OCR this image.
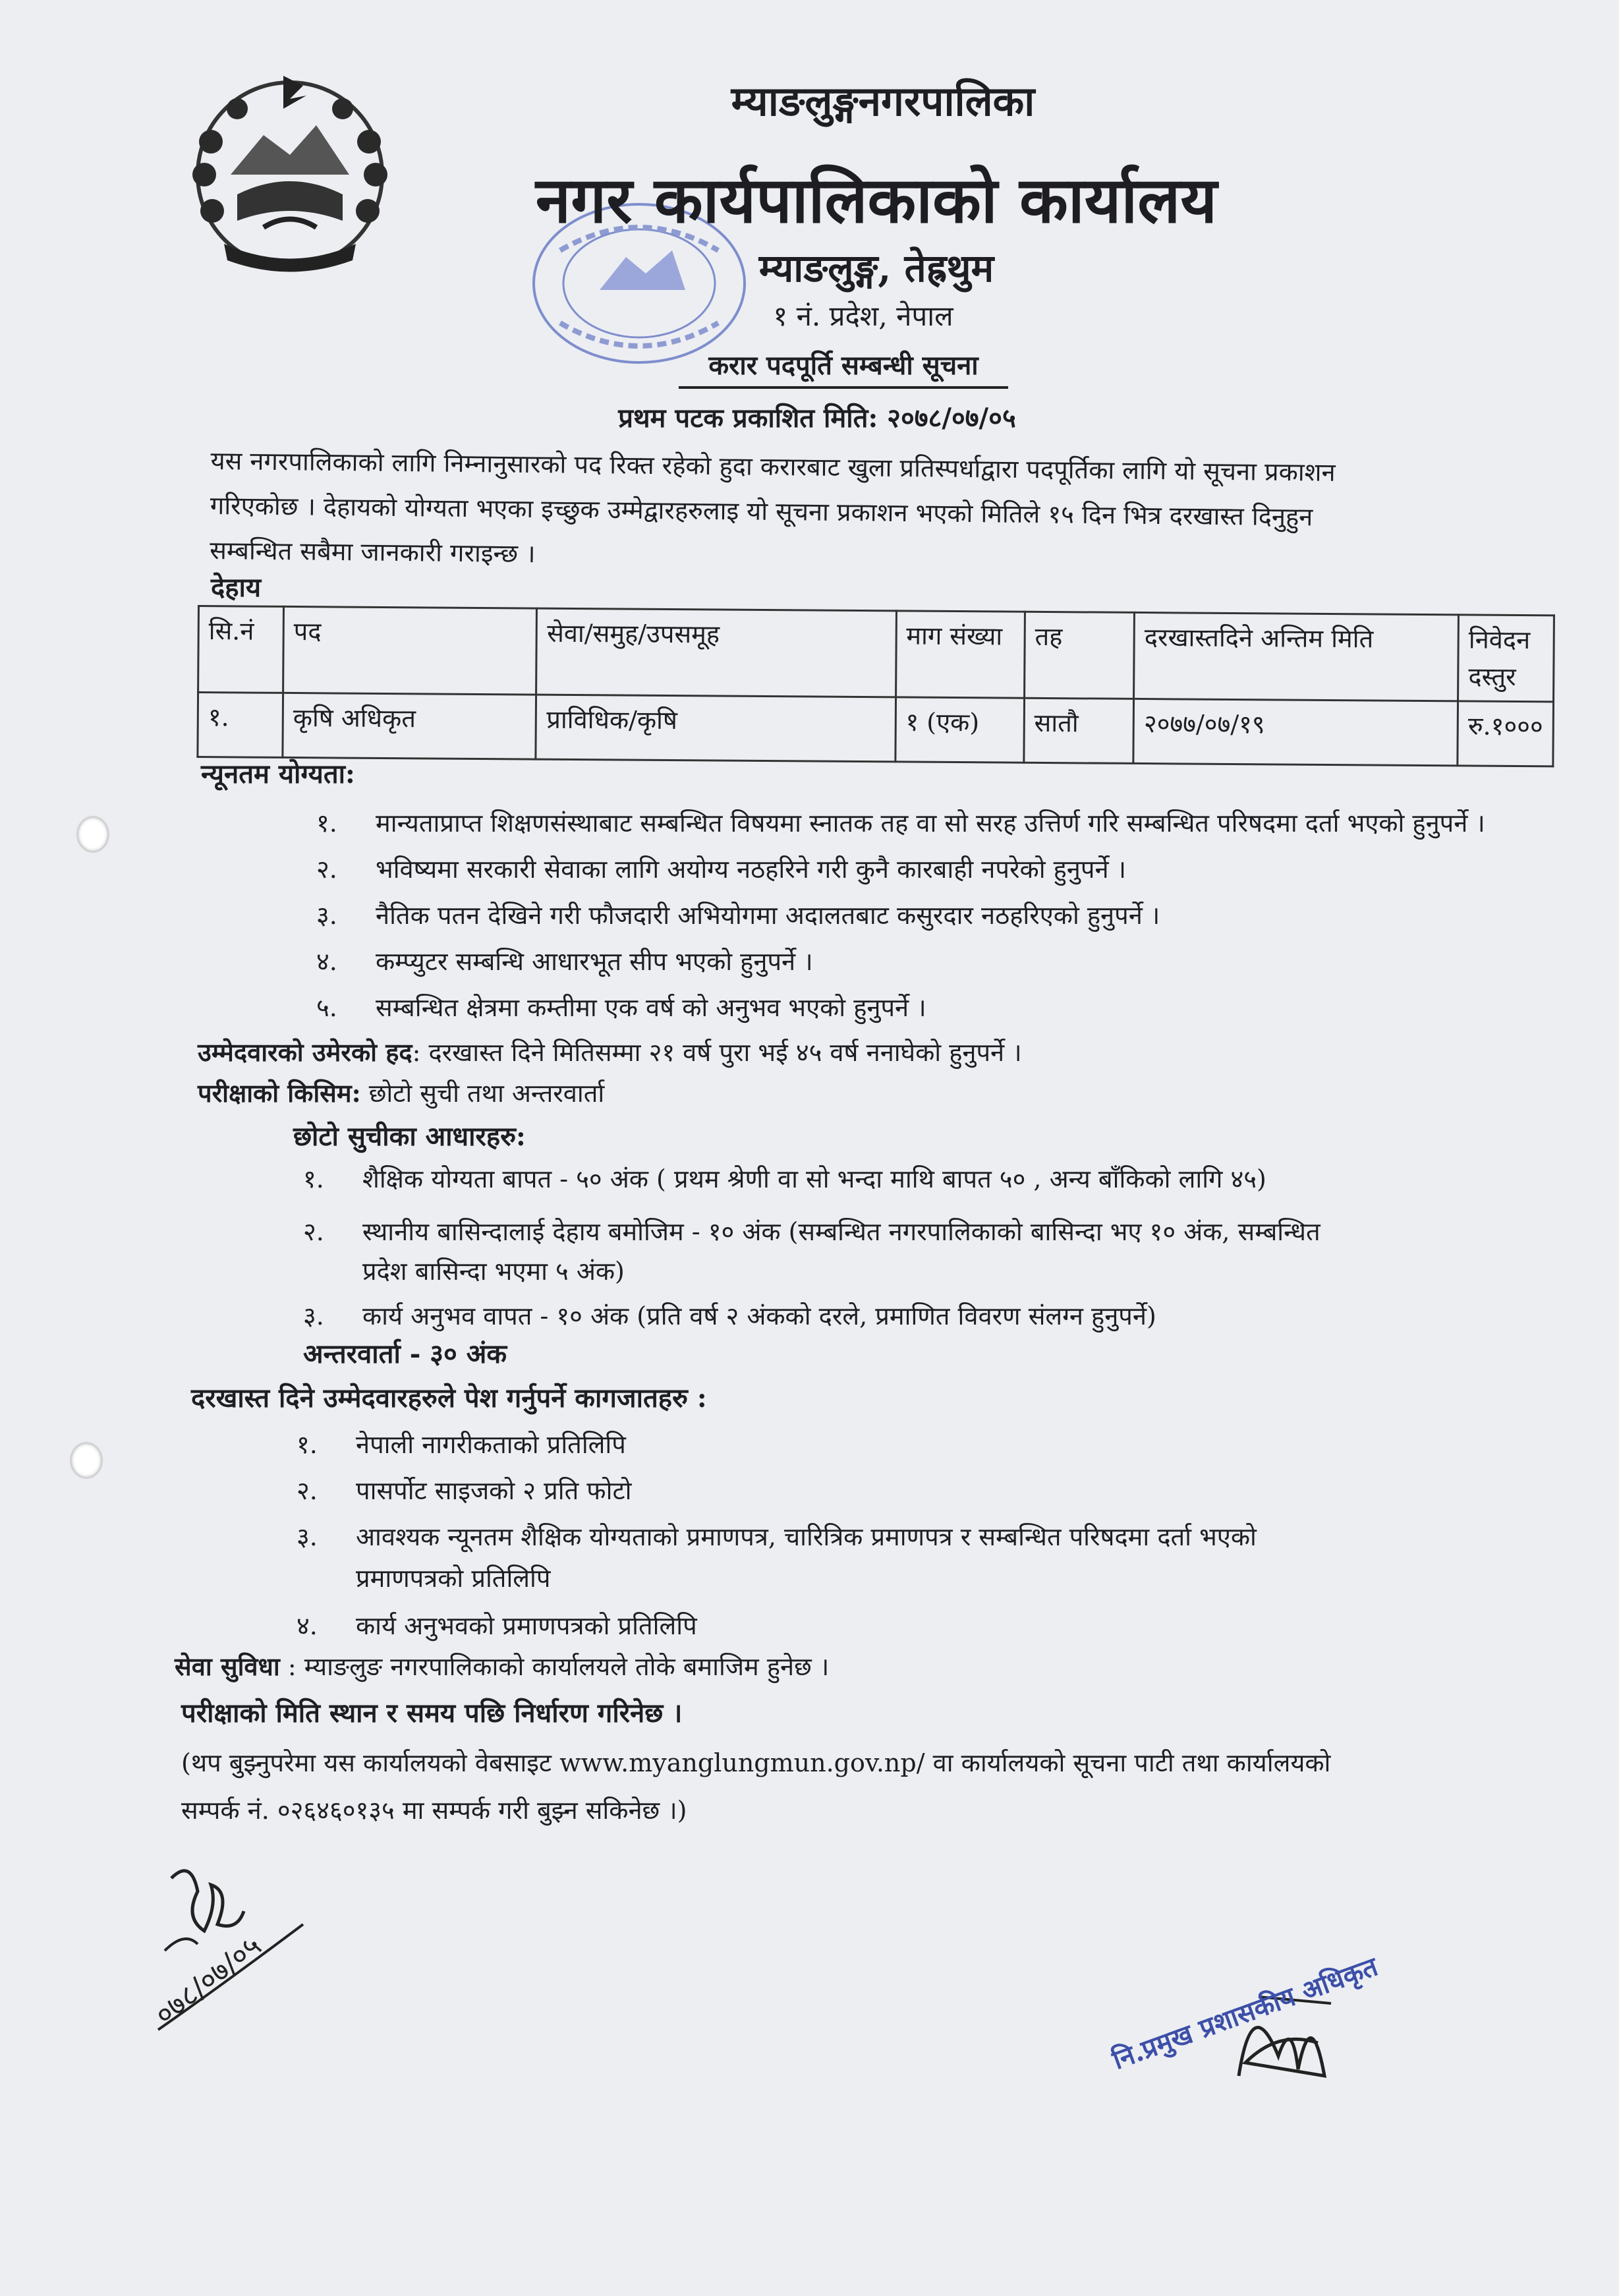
म्याङलुङ्गनगरपालिका
नगर कार्यपालिकाको कार्यालय
म्याङलुङ्ग, तेह्रथुम
१ नं. प्रदेश, नेपाल
करार पदपूर्ति सम्बन्धी सूचना
प्रथम पटक प्रकाशित मिति: २०७८/०७/०५
यस नगरपालिकाको लागि निम्नानुसारको पद रिक्त रहेको हुदा करारबाट खुला प्रतिस्पर्धाद्वारा पदपूर्तिका लागि यो सूचना प्रकाशन
गरिएकोछ । देहायको योग्यता भएका इच्छुक उम्मेद्वारहरुलाइ यो सूचना प्रकाशन भएको मितिले १५ दिन भित्र दरखास्त दिनुहुन
सम्बन्धित सबैमा जानकारी गराइन्छ ।
देहाय
सि.नं	पद	सेवा/समुह/उपसमूह	माग संख्या	तह	दरखास्तदिने अन्तिम मिति	निवेदन दस्तुर
१.	कृषि अधिकृत	प्राविधिक/कृषि	१ (एक)	सातौ	२०७७/०७/१९	रु.१०००
न्यूनतम योग्यता:
१. मान्यताप्राप्त शिक्षणसंस्थाबाट सम्बन्धित विषयमा स्नातक तह वा सो सरह उत्तिर्ण गरि सम्बन्धित परिषदमा दर्ता भएको हुनुपर्ने ।
२. भविष्यमा सरकारी सेवाका लागि अयोग्य नठहरिने गरी कुनै कारबाही नपरेको हुनुपर्ने ।
३. नैतिक पतन देखिने गरी फौजदारी अभियोगमा अदालतबाट कसुरदार नठहरिएको हुनुपर्ने ।
४. कम्प्युटर सम्बन्धि आधारभूत सीप भएको हुनुपर्ने ।
५. सम्बन्धित क्षेत्रमा कम्तीमा एक वर्ष को अनुभव भएको हुनुपर्ने ।
उम्मेदवारको उमेरको हद: दरखास्त दिने मितिसम्मा २१ वर्ष पुरा भई ४५ वर्ष ननाघेको हुनुपर्ने ।
परीक्षाको किसिम: छोटो सुची तथा अन्तरवार्ता
छोटो सुचीका आधारहरु:
१. शैक्षिक योग्यता बापत - ५० अंक ( प्रथम श्रेणी वा सो भन्दा माथि बापत ५० , अन्य बाँकिको लागि ४५)
२. स्थानीय बासिन्दालाई देहाय बमोजिम - १० अंक (सम्बन्धित नगरपालिकाको बासिन्दा भए १० अंक, सम्बन्धित
प्रदेश बासिन्दा भएमा ५ अंक)
३. कार्य अनुभव वापत - १० अंक (प्रति वर्ष २ अंकको दरले, प्रमाणित विवरण संलग्न हुनुपर्ने)
अन्तरवार्ता - ३० अंक
दरखास्त दिने उम्मेदवारहरुले पेश गर्नुपर्ने कागजातहरु :
१. नेपाली नागरीकताको प्रतिलिपि
२. पासर्पोट साइजको २ प्रति फोटो
३. आवश्यक न्यूनतम शैक्षिक योग्यताको प्रमाणपत्र, चारित्रिक प्रमाणपत्र र सम्बन्धित परिषदमा दर्ता भएको
प्रमाणपत्रको प्रतिलिपि
४. कार्य अनुभवको प्रमाणपत्रको प्रतिलिपि
सेवा सुविधा : म्याङलुङ नगरपालिकाको कार्यालयले तोके बमाजिम हुनेछ ।
परीक्षाको मिति स्थान र समय पछि निर्धारण गरिनेछ ।
(थप बुझ्नुपरेमा यस कार्यालयको वेबसाइट www.myanglungmun.gov.np/ वा कार्यालयको सूचना पाटी तथा कार्यालयको
सम्पर्क नं. ०२६४६०१३५ मा सम्पर्क गरी बुझ्न सकिनेछ ।)
०७८/०७/०५	नि.प्रमुख प्रशासकीय अधिकृत
